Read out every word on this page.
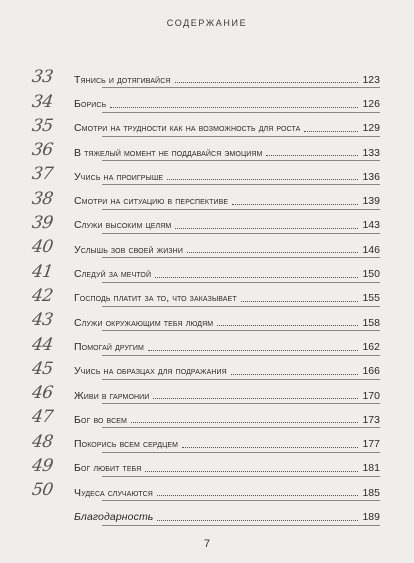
СОДЕРЖАНИЕ
33	Тянись и дотягивайся	123
34	Борись	126
35	Смотри на трудности как на возможность для роста	129
36	В тяжелый момент не поддавайся эмоциям	133
37	Учись на проигрыше	136
38	Смотри на ситуацию в перспективе	139
39	Служи высоким целям	143
40	Услышь зов своей жизни	146
41	Следуй за мечтой	150
42	Господь платит за то, что заказывает	155
43	Служи окружающим тебя людям	158
44	Помогай другим	162
45	Учись на образцах для подражания	166
46	Живи в гармонии	170
47	Бог во всем	173
48	Покорись всем сердцем	177
49	Бог любит тебя	181
50	Чудеса случаются	185
Благодарность	189
7
